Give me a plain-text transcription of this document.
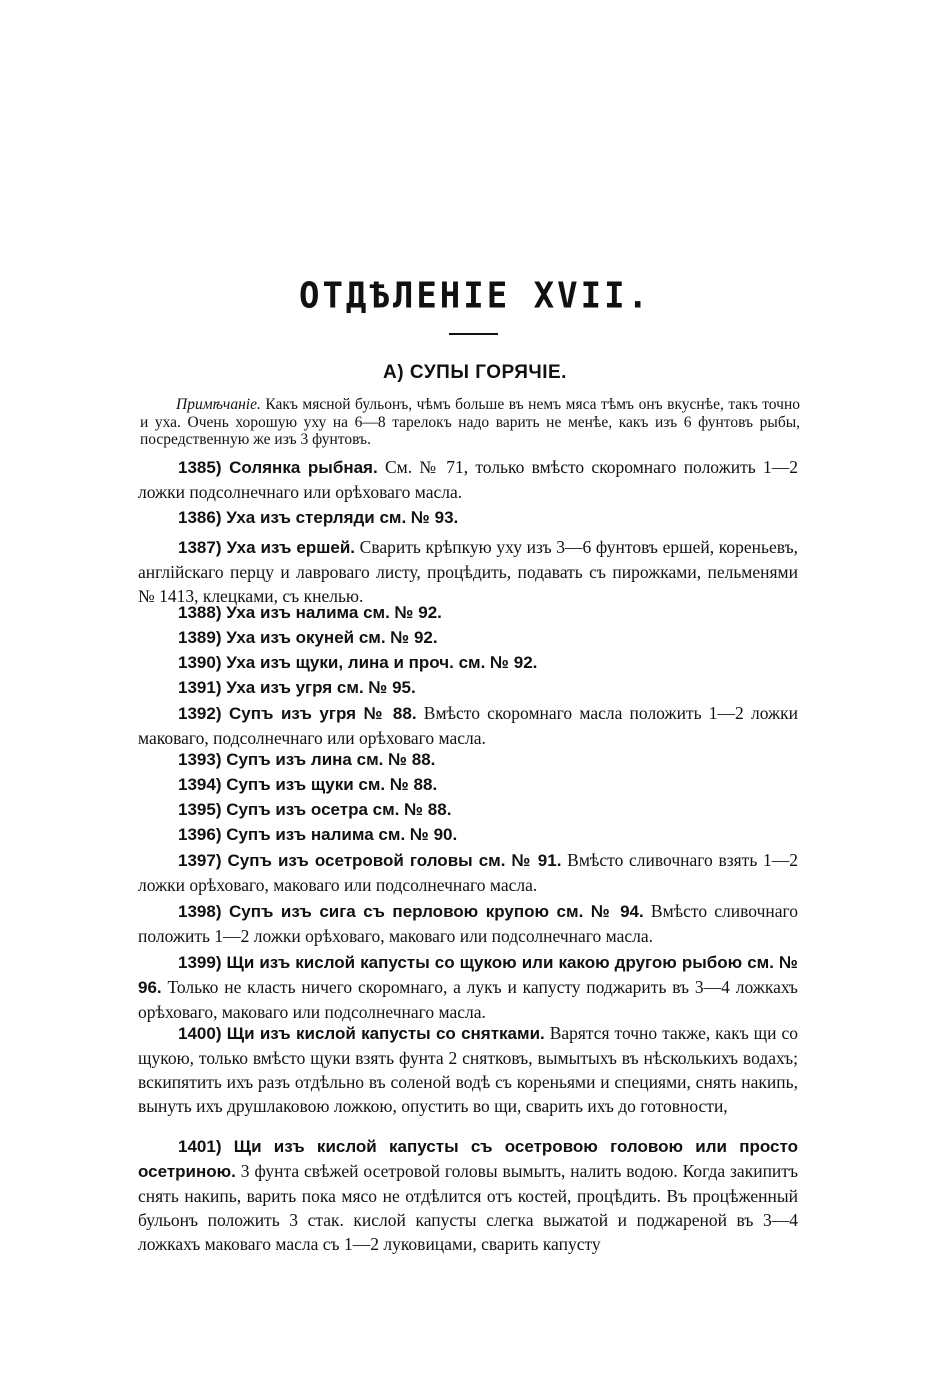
ОТДѢЛЕНІЕ XVII.
А) СУПЫ ГОРЯЧІЕ.
Примѣчаніе. Какъ мясной бульонъ, чѣмъ больше въ немъ мяса тѣмъ онъ вкуснѣе, такъ точно и уха. Очень хорошую уху на 6—8 тарелокъ надо варить не менѣе, какъ изъ 6 фунтовъ рыбы, посредственную же изъ 3 фунтовъ.
1385) Солянка рыбная. См. № 71, только вмѣсто скоромнаго положить 1—2 ложки подсолнечнаго или орѣховаго масла.
1386) Уха изъ стерляди см. № 93.
1387) Уха изъ ершей. Сварить крѣпкую уху изъ 3—6 фунтовъ ершей, кореньевъ, англійскаго перцу и лавроваго листу, процѣдить, подавать съ пирожками, пельменями № 1413, клецками, съ кнелью.
1388) Уха изъ налима см. № 92.
1389) Уха изъ окуней см. № 92.
1390) Уха изъ щуки, лина и проч. см. № 92.
1391) Уха изъ угря см. № 95.
1392) Супъ изъ угря № 88. Вмѣсто скоромнаго масла положить 1—2 ложки маковаго, подсолнечнаго или орѣховаго масла.
1393) Супъ изъ лина см. № 88.
1394) Супъ изъ щуки см. № 88.
1395) Супъ изъ осетра см. № 88.
1396) Супъ изъ налима см. № 90.
1397) Супъ изъ осетровой головы см. № 91. Вмѣсто сливочнаго взять 1—2 ложки орѣховаго, маковаго или подсолнечнаго масла.
1398) Супъ изъ сига съ перловою крупою см. № 94. Вмѣсто сливочнаго положить 1—2 ложки орѣховаго, маковаго или подсолнечнаго масла.
1399) Щи изъ кислой капусты со щукою или какою другою рыбою см. № 96. Только не класть ничего скоромнаго, а лукъ и капусту поджарить въ 3—4 ложкахъ орѣховаго, маковаго или подсолнечнаго масла.
1400) Щи изъ кислой капусты со снятками. Варятся точно также, какъ щи со щукою, только вмѣсто щуки взять фунта 2 снятковъ, вымытыхъ въ нѣсколькихъ водахъ; вскипятить ихъ разъ отдѣльно въ соленой водѣ съ кореньями и специями, снять накипь, вынуть ихъ друшлаковою ложкою, опустить во щи, сварить ихъ до готовности,
1401) Щи изъ кислой капусты съ осетровою головою или просто осетриною. 3 фунта свѣжей осетровой головы вымыть, налить водою. Когда закипитъ снять накипь, варить пока мясо не отдѣлится отъ костей, процѣдить. Въ процѣженный бульонъ положить 3 стак. кислой капусты слегка выжатой и поджареной въ 3—4 ложкахъ маковаго масла съ 1—2 луковицами, сварить капусту
